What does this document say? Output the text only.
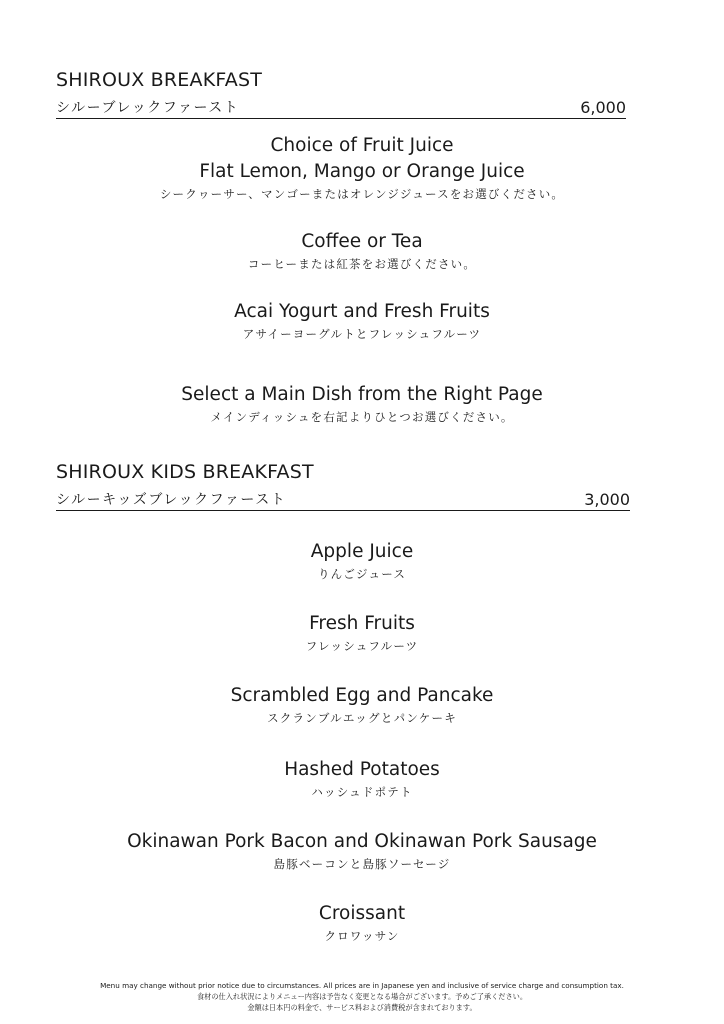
SHIROUX BREAKFAST
シルーブレックファースト	6,000
Choice of Fruit Juice
Flat Lemon, Mango or Orange Juice
シークヮーサー、マンゴーまたはオレンジジュースをお選びください。
Coffee or Tea
コーヒーまたは紅茶をお選びください。
Acai Yogurt and Fresh Fruits
アサイーヨーグルトとフレッシュフルーツ
Select a Main Dish from the Right Page
メインディッシュを右記よりひとつお選びください。
SHIROUX KIDS BREAKFAST
シルーキッズブレックファースト	3,000
Apple Juice
りんごジュース
Fresh Fruits
フレッシュフルーツ
Scrambled Egg and Pancake
スクランブルエッグとパンケーキ
Hashed Potatoes
ハッシュドポテト
Okinawan Pork Bacon and Okinawan Pork Sausage
島豚ベーコンと島豚ソーセージ
Croissant
クロワッサン
Menu may change without prior notice due to circumstances. All prices are in Japanese yen and inclusive of service charge and consumption tax.
食材の仕入れ状況によりメニュー内容は予告なく変更となる場合がございます。予めご了承ください。
金額は日本円の料金で、サービス料および消費税が含まれております。
